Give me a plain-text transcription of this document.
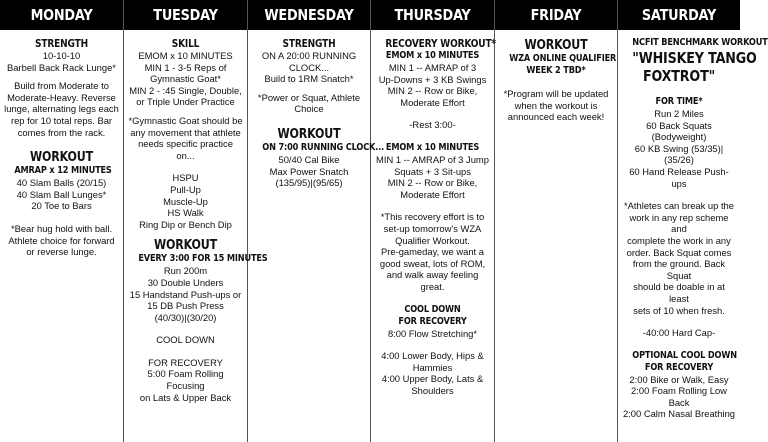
MONDAY
STRENGTH
10-10-10
Barbell Back Rack Lunge*
Build from Moderate to
Moderate-Heavy. Reverse
lunge, alternating legs each
rep for 10 total reps. Bar
comes from the rack.
WORKOUT
AMRAP x 12 MINUTES
40 Slam Balls (20/15)
40 Slam Ball Lunges*
20 Toe to Bars
*Bear hug hold with ball.
Athlete choice for forward
or reverse lunge.
TUESDAY
SKILL
EMOM x 10 MINUTES
MIN 1 - 3-5 Reps of
Gymnastic Goat*
MIN 2 - :45 Single, Double,
or Triple Under Practice
*Gymnastic Goat should be
any movement that athlete
needs specific practice on...
HSPU
Pull-Up
Muscle-Up
HS Walk
Ring Dip or Bench Dip
WORKOUT
EVERY 3:00 FOR 15 MINUTES
Run 200m
30 Double Unders
15 Handstand Push-ups or
15 DB Push Press
(40/30)|(30/20)
COOL DOWN
FOR RECOVERY
5:00 Foam Rolling Focusing
on Lats & Upper Back
WEDNESDAY
STRENGTH
ON A 20:00 RUNNING
CLOCK...
Build to 1RM Snatch*
*Power or Squat, Athlete
Choice
WORKOUT
ON 7:00 RUNNING CLOCK...
50/40 Cal Bike
Max Power Snatch
(135/95)|(95/65)
THURSDAY
RECOVERY WORKOUT*
EMOM x 10 MINUTES
MIN 1 -- AMRAP of 3
Up-Downs + 3 KB Swings
MIN 2 -- Row or Bike,
Moderate Effort
-Rest 3:00-
EMOM x 10 MINUTES
MIN 1 -- AMRAP of 3 Jump
Squats + 3 Sit-ups
MIN 2 -- Row or Bike,
Moderate Effort
*This recovery effort is to
set-up tomorrow's WZA
Qualifier Workout.
Pre-gameday, we want a
good sweat, lots of ROM,
and walk away feeling great.
COOL DOWN
FOR RECOVERY
8:00 Flow Stretching*
4:00 Lower Body, Hips &
Hammies
4:00 Upper Body, Lats &
Shoulders
FRIDAY
WORKOUT
WZA ONLINE QUALIFIER
WEEK 2 TBD*
*Program will be updated
when the workout is
announced each week!
SATURDAY
NCFIT BENCHMARK WORKOUT
"WHISKEY TANGO
FOXTROT"
FOR TIME*
Run 2 Miles
60 Back Squats (Bodyweight)
60 KB Swing (53/35)|(35/26)
60 Hand Release Push-ups
*Athletes can break up the
work in any rep scheme and
complete the work in any
order. Back Squat comes
from the ground. Back Squat
should be doable in at least
sets of 10 when fresh.
-40:00 Hard Cap-
OPTIONAL COOL DOWN
FOR RECOVERY
2:00 Bike or Walk, Easy
2:00 Foam Rolling Low Back
2:00 Calm Nasal Breathing
